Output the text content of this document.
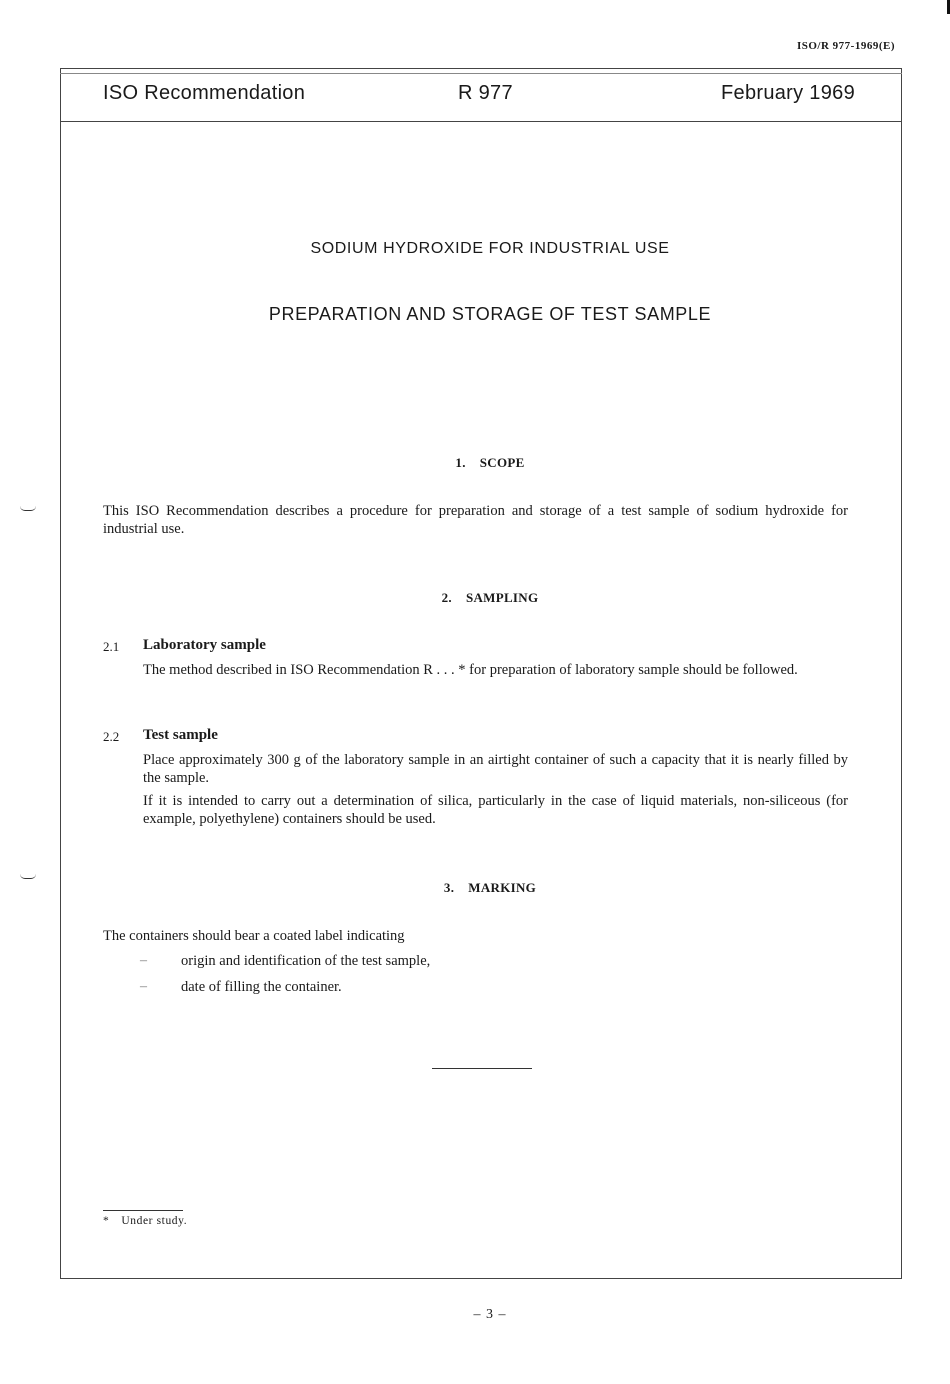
ISO/R 977-1969(E)
ISO Recommendation	R 977	February 1969
SODIUM HYDROXIDE FOR INDUSTRIAL USE
PREPARATION AND STORAGE OF TEST SAMPLE
1. SCOPE
This ISO Recommendation describes a procedure for preparation and storage of a test sample of sodium hydroxide for industrial use.
2. SAMPLING
2.1 Laboratory sample
The method described in ISO Recommendation R . . . * for preparation of laboratory sample should be followed.
2.2 Test sample
Place approximately 300 g of the laboratory sample in an airtight container of such a capacity that it is nearly filled by the sample.
If it is intended to carry out a determination of silica, particularly in the case of liquid materials, non-siliceous (for example, polyethylene) containers should be used.
3. MARKING
The containers should bear a coated label indicating
– origin and identification of the test sample,
– date of filling the container.
* Under study.
– 3 –
